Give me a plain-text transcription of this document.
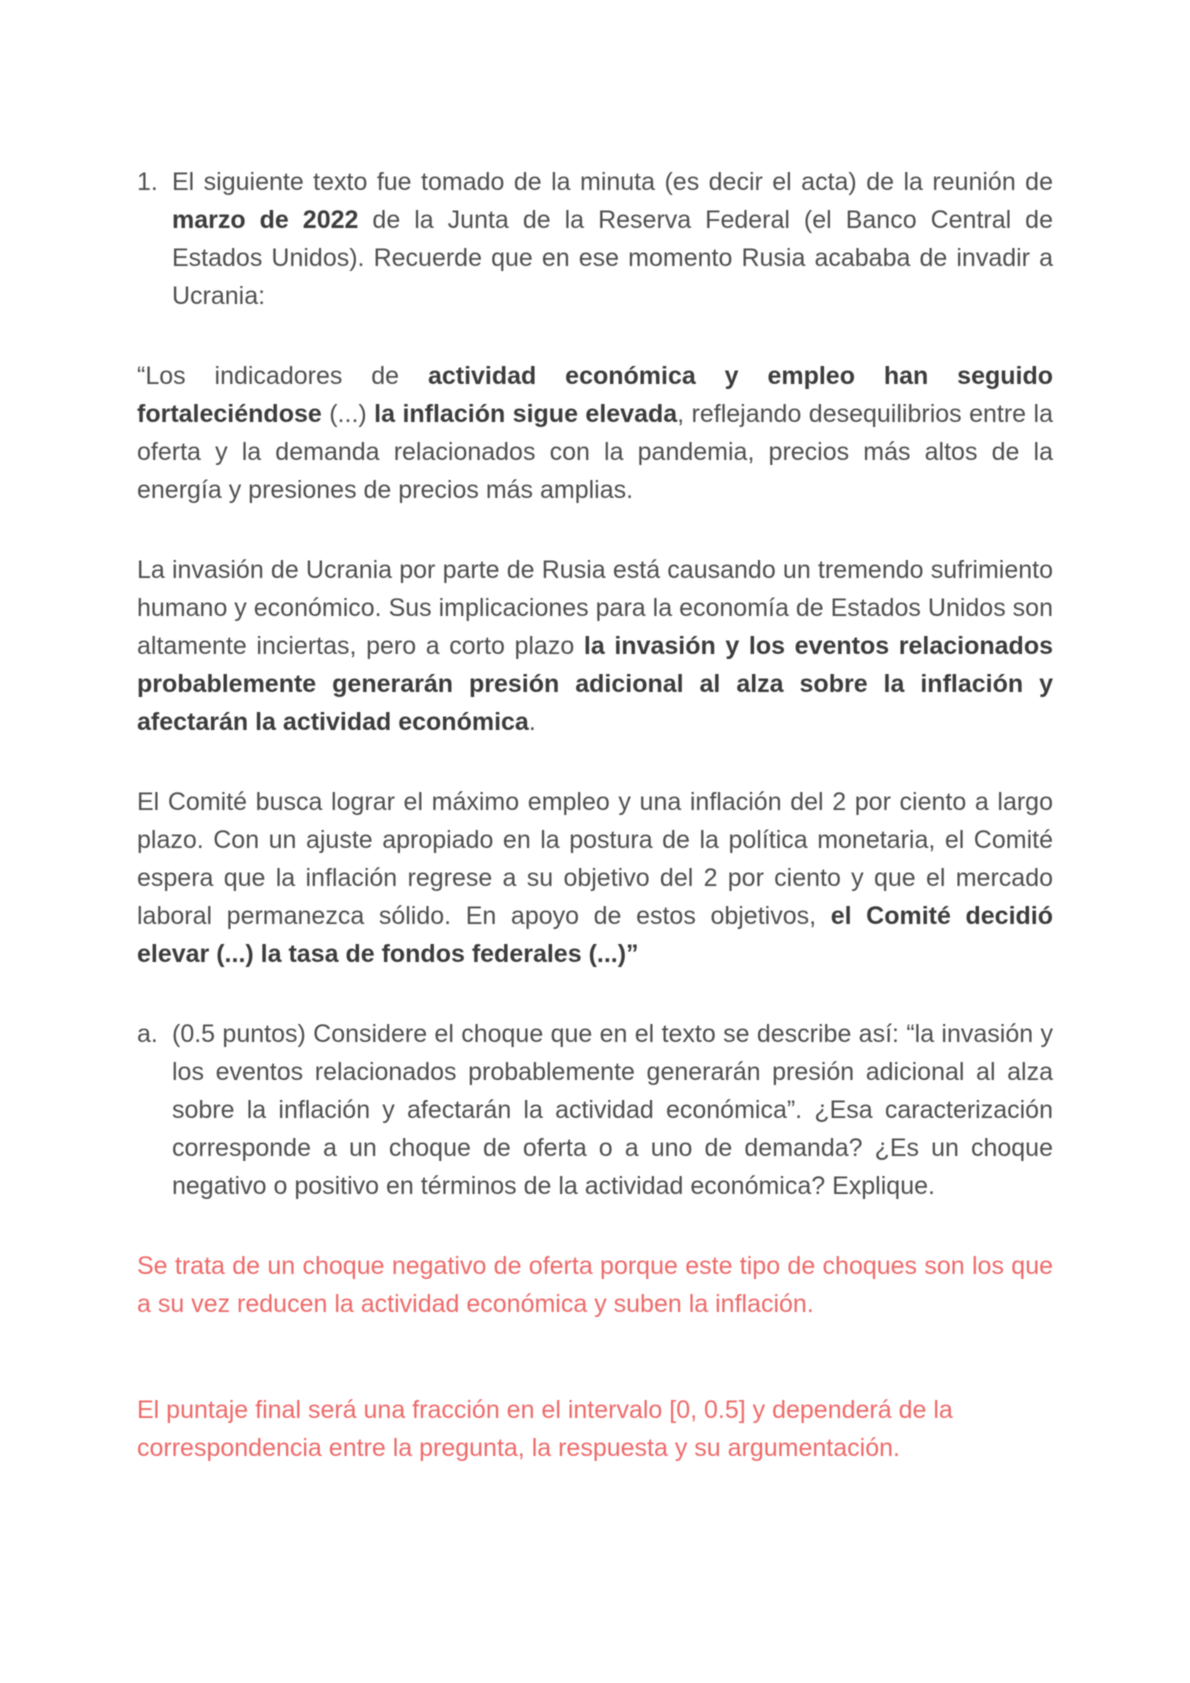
1. El siguiente texto fue tomado de la minuta (es decir el acta) de la reunión de marzo de 2022 de la Junta de la Reserva Federal (el Banco Central de Estados Unidos). Recuerde que en ese momento Rusia acababa de invadir a Ucrania:

“Los indicadores de actividad económica y empleo han seguido fortaleciéndose (...) la inflación sigue elevada, reflejando desequilibrios entre la oferta y la demanda relacionados con la pandemia, precios más altos de la energía y presiones de precios más amplias.

La invasión de Ucrania por parte de Rusia está causando un tremendo sufrimiento humano y económico. Sus implicaciones para la economía de Estados Unidos son altamente inciertas, pero a corto plazo la invasión y los eventos relacionados probablemente generarán presión adicional al alza sobre la inflación y afectarán la actividad económica.

El Comité busca lograr el máximo empleo y una inflación del 2 por ciento a largo plazo. Con un ajuste apropiado en la postura de la política monetaria, el Comité espera que la inflación regrese a su objetivo del 2 por ciento y que el mercado laboral permanezca sólido. En apoyo de estos objetivos, el Comité decidió elevar (...) la tasa de fondos federales (...)”

a. (0.5 puntos) Considere el choque que en el texto se describe así: “la invasión y los eventos relacionados probablemente generarán presión adicional al alza sobre la inflación y afectarán la actividad económica”. ¿Esa caracterización corresponde a un choque de oferta o a uno de demanda? ¿Es un choque negativo o positivo en términos de la actividad económica? Explique.

Se trata de un choque negativo de oferta porque este tipo de choques son los que a su vez reducen la actividad económica y suben la inflación.

El puntaje final será una fracción en el intervalo [0, 0.5] y dependerá de la correspondencia entre la pregunta, la respuesta y su argumentación.
